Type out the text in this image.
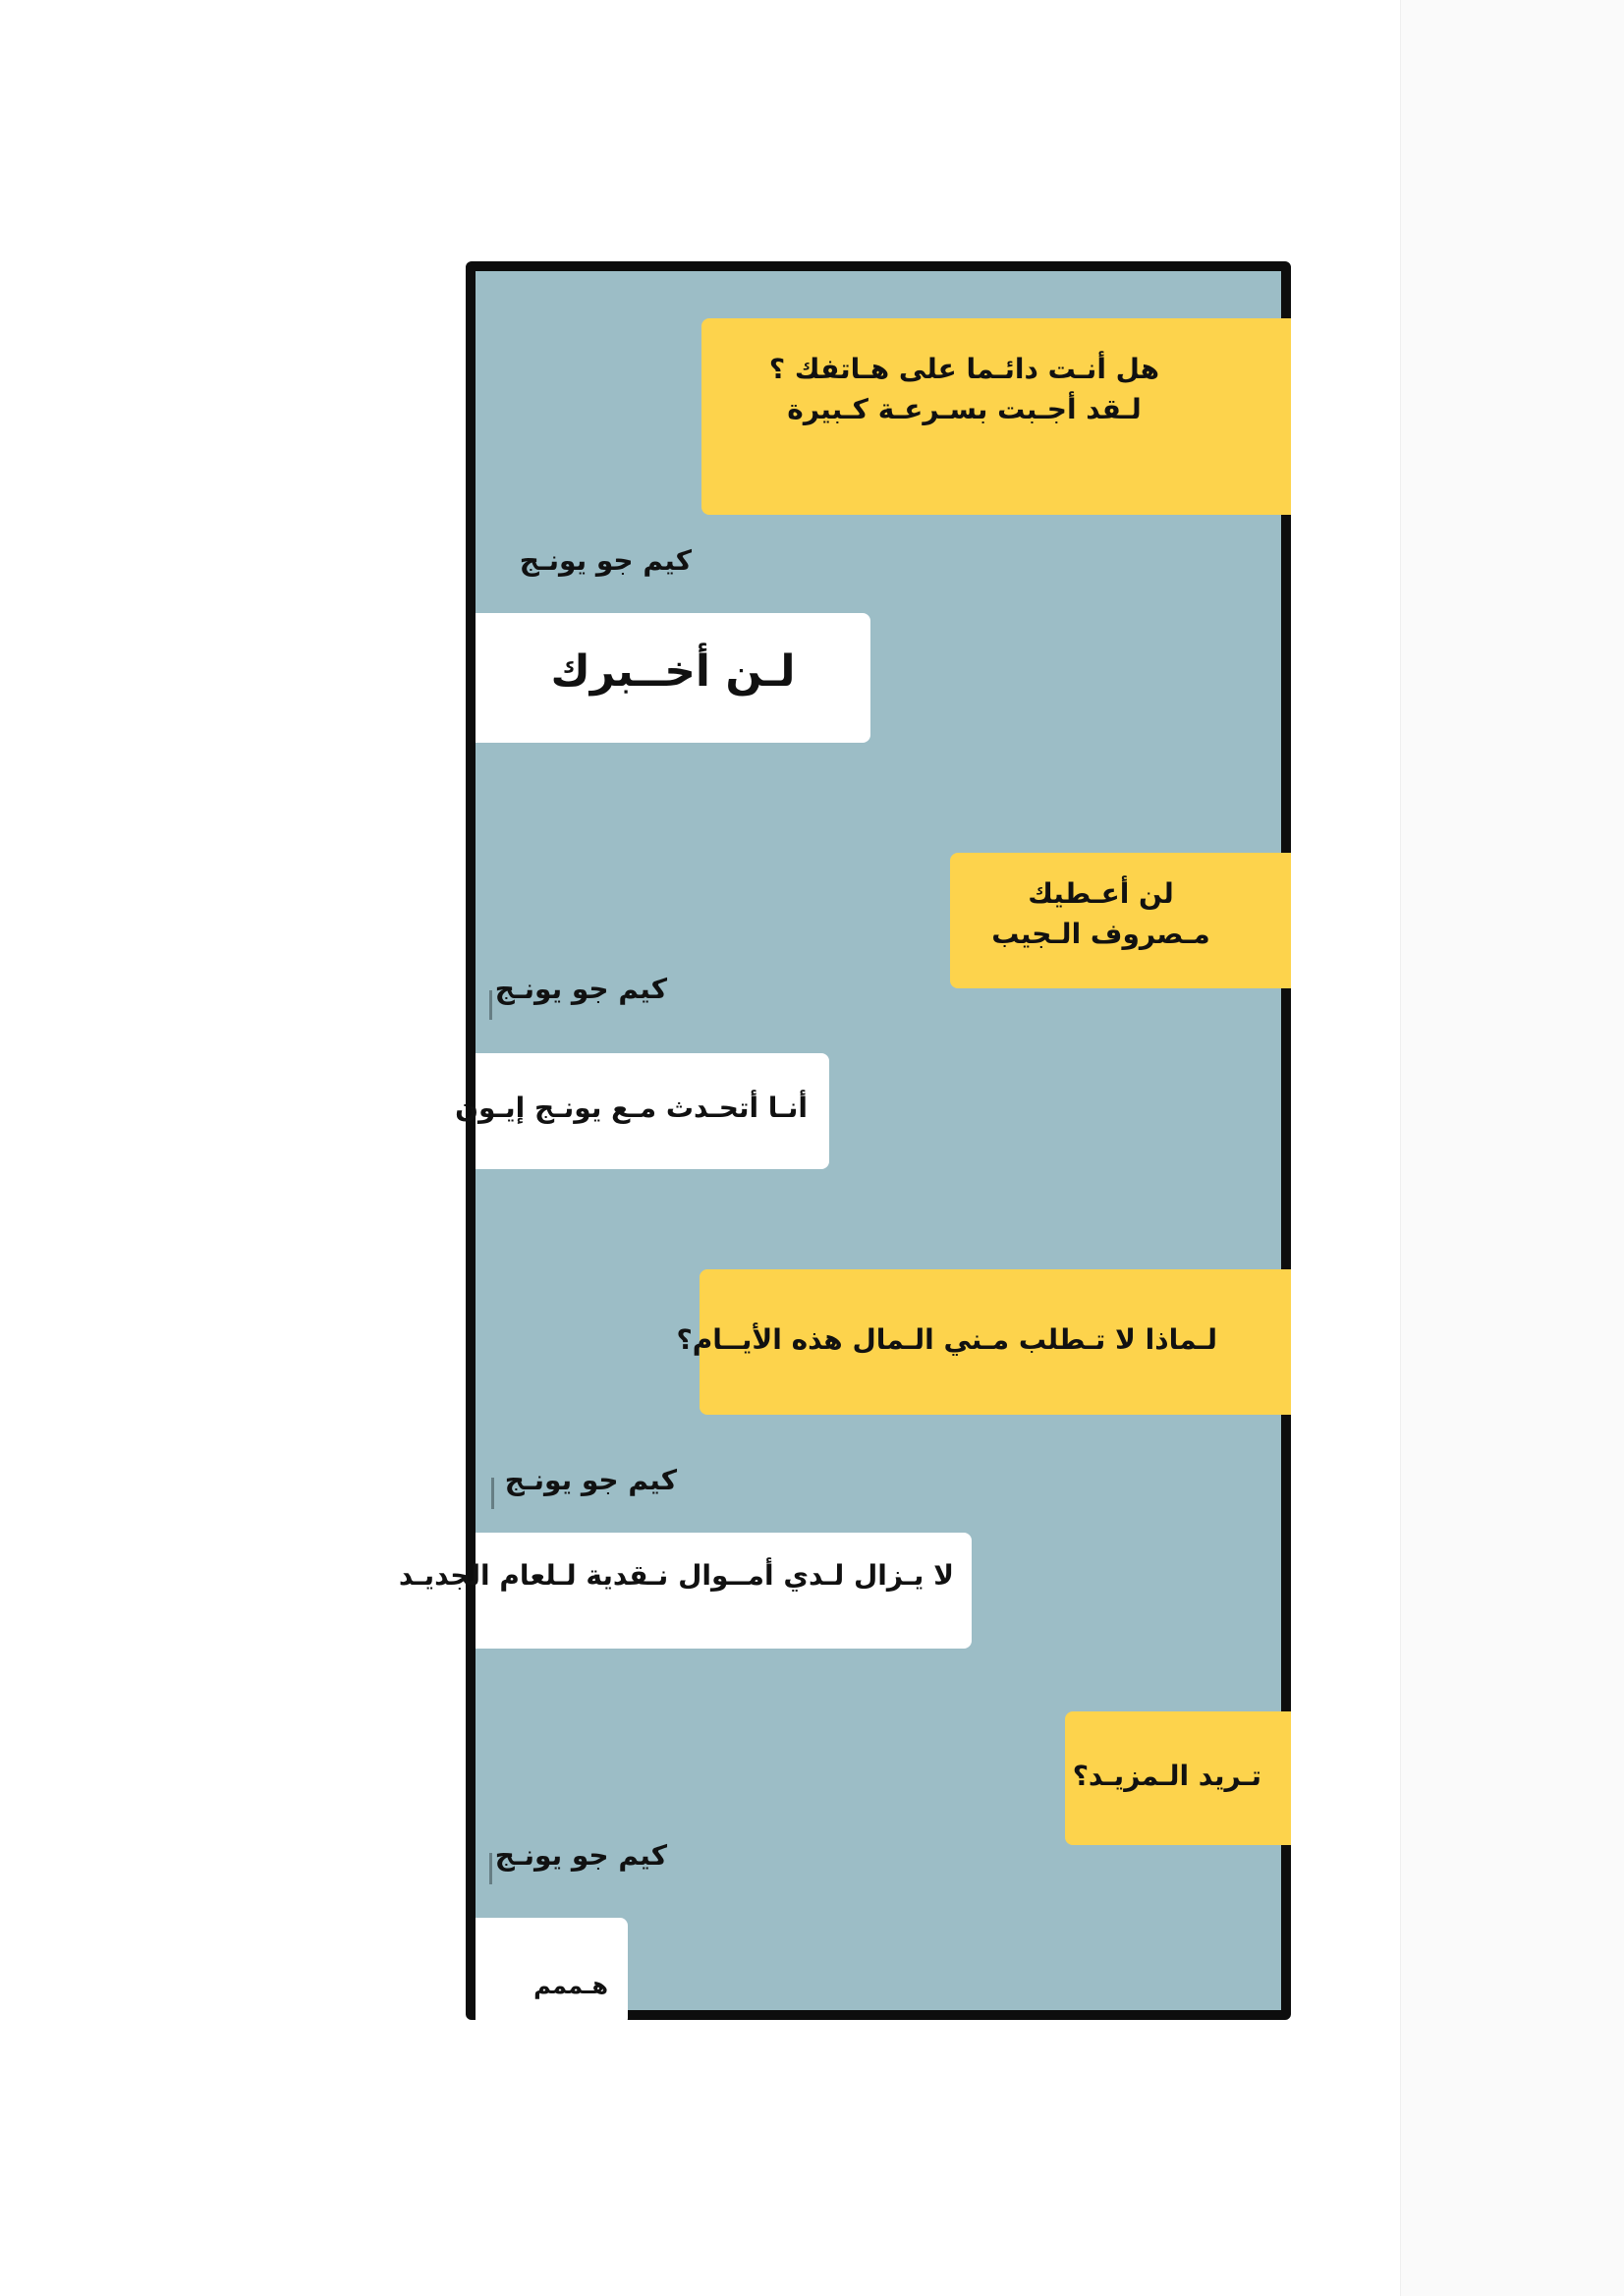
هل أنـت دائـما على هـاتفك ؟
لـقد أجـبت بسـرعـة كـبيرة
كيم جو يونـج
لـن أخــبرك
لن أعـطيك
مـصروف الـجيب
كيم جو يونـج
أنـا أتحـدث مـع يونـج إيـون
لـماذا لا تـطلب مـني الـمال هذه الأيــام؟
كيم جو يونـج
لا يـزال لـدي أمــوال نـقدية لـلعام الجديـد
تـريد الـمزيـد؟
كيم جو يونـج
هـممم
